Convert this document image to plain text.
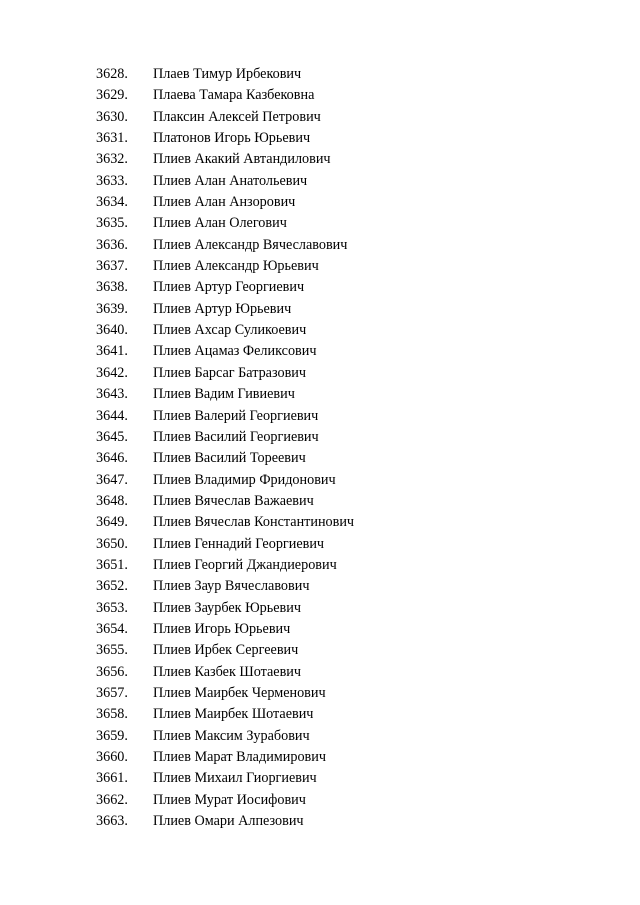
3628. Плаев Тимур Ирбекович
3629. Плаева Тамара Казбековна
3630. Плаксин Алексей Петрович
3631. Платонов Игорь Юрьевич
3632. Плиев Акакий Автандилович
3633. Плиев Алан Анатольевич
3634. Плиев Алан Анзорович
3635. Плиев Алан Олегович
3636. Плиев Александр Вячеславович
3637. Плиев Александр Юрьевич
3638. Плиев Артур Георгиевич
3639. Плиев Артур Юрьевич
3640. Плиев Ахсар Суликоевич
3641. Плиев Ацамаз Феликсович
3642. Плиев Барсаг Батразович
3643. Плиев Вадим Гивиевич
3644. Плиев Валерий Георгиевич
3645. Плиев Василий Георгиевич
3646. Плиев Василий Тореевич
3647. Плиев Владимир Фридонович
3648. Плиев Вячеслав Важаевич
3649. Плиев Вячеслав Константинович
3650. Плиев Геннадий Георгиевич
3651. Плиев Георгий Джандиерович
3652. Плиев Заур Вячеславович
3653. Плиев Заурбек Юрьевич
3654. Плиев Игорь Юрьевич
3655. Плиев Ирбек Сергеевич
3656. Плиев Казбек Шотаевич
3657. Плиев Маирбек Черменович
3658. Плиев Маирбек Шотаевич
3659. Плиев Максим Зурабович
3660. Плиев Марат Владимирович
3661. Плиев Михаил Гиоргиевич
3662. Плиев Мурат Иосифович
3663. Плиев Омари Алпезович
